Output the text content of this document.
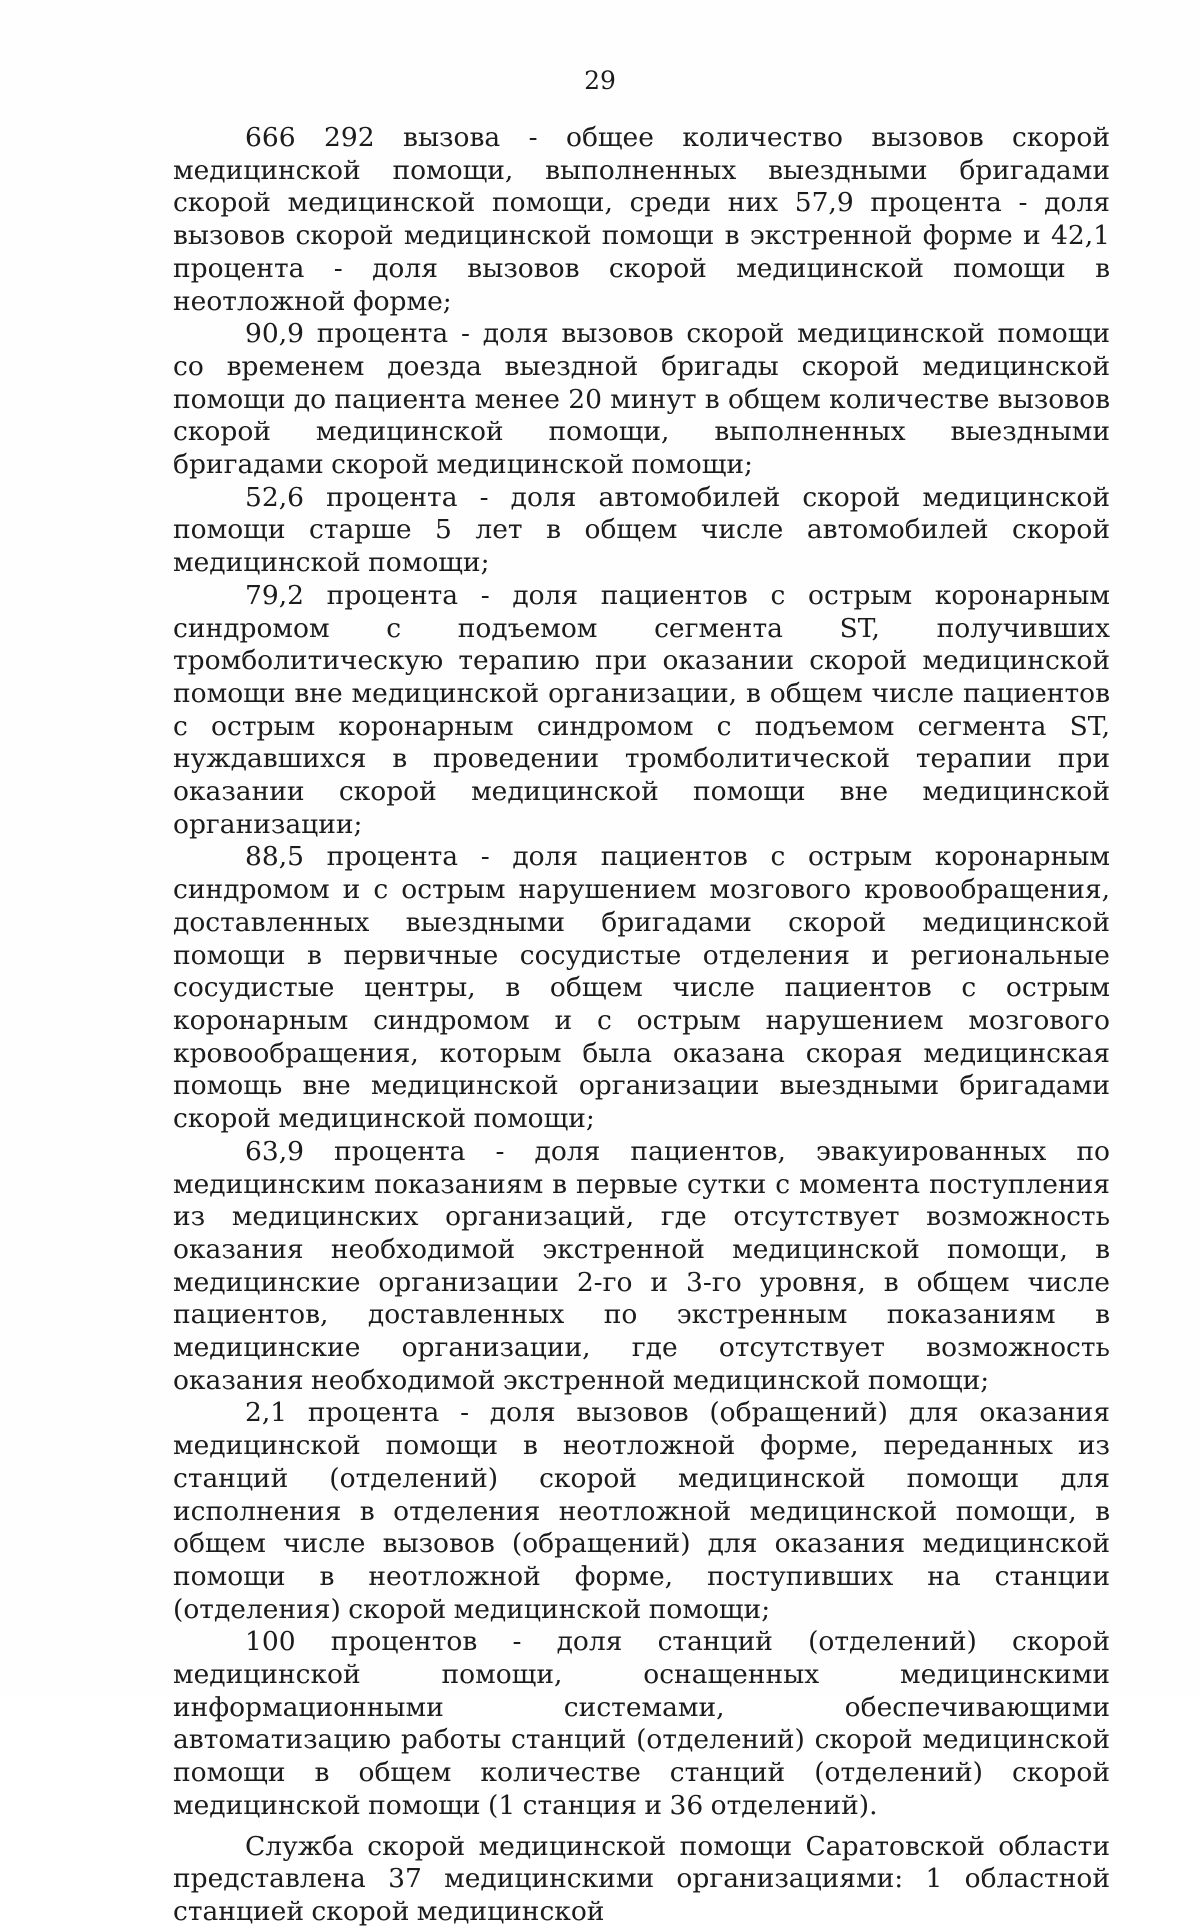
29

666 292 вызова - общее количество вызовов скорой медицинской помощи, выполненных выездными бригадами скорой медицинской помощи, среди них 57,9 процента - доля вызовов скорой медицинской помощи в экстренной форме и 42,1 процента - доля вызовов скорой медицинской помощи в неотложной форме;

90,9 процента - доля вызовов скорой медицинской помощи со временем доезда выездной бригады скорой медицинской помощи до пациента менее 20 минут в общем количестве вызовов скорой медицинской помощи, выполненных выездными бригадами скорой медицинской помощи;

52,6 процента - доля автомобилей скорой медицинской помощи старше 5 лет в общем числе автомобилей скорой медицинской помощи;

79,2 процента - доля пациентов с острым коронарным синдромом с подъемом сегмента ST, получивших тромболитическую терапию при оказании скорой медицинской помощи вне медицинской организации, в общем числе пациентов с острым коронарным синдромом с подъемом сегмента ST, нуждавшихся в проведении тромболитической терапии при оказании скорой медицинской помощи вне медицинской организации;

88,5 процента - доля пациентов с острым коронарным синдромом и с острым нарушением мозгового кровообращения, доставленных выездными бригадами скорой медицинской помощи в первичные сосудистые отделения и региональные сосудистые центры, в общем числе пациентов с острым коронарным синдромом и с острым нарушением мозгового кровообращения, которым была оказана скорая медицинская помощь вне медицинской организации выездными бригадами скорой медицинской помощи;

63,9 процента - доля пациентов, эвакуированных по медицинским показаниям в первые сутки с момента поступления из медицинских организаций, где отсутствует возможность оказания необходимой экстренной медицинской помощи, в медицинские организации 2-го и 3-го уровня, в общем числе пациентов, доставленных по экстренным показаниям в медицинские организации, где отсутствует возможность оказания необходимой экстренной медицинской помощи;

2,1 процента - доля вызовов (обращений) для оказания медицинской помощи в неотложной форме, переданных из станций (отделений) скорой медицинской помощи для исполнения в отделения неотложной медицинской помощи, в общем числе вызовов (обращений) для оказания медицинской помощи в неотложной форме, поступивших на станции (отделения) скорой медицинской помощи;

100 процентов - доля станций (отделений) скорой медицинской помощи, оснащенных медицинскими информационными системами, обеспечивающими автоматизацию работы станций (отделений) скорой медицинской помощи в общем количестве станций (отделений) скорой медицинской помощи (1 станция и 36 отделений).

Служба скорой медицинской помощи Саратовской области представлена 37 медицинскими организациями: 1 областной станцией скорой медицинской
